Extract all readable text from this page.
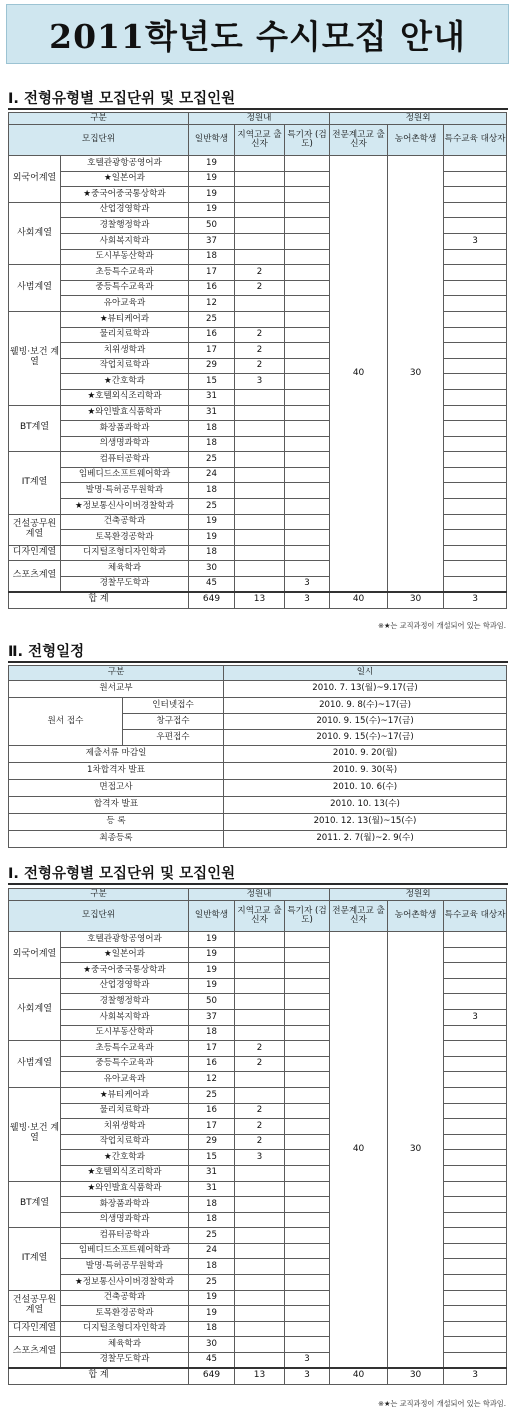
2011학년도 수시모집 안내
Ⅰ. 전형유형별 모집단위 및 모집인원
구분		정원내			정원외		
모집단위		일반학생	지역고교 출신자	특기자 (검도)	전문계고교 출신자	농어촌학생	특수교육 대상자
외국어계열	호텔관광항공영어과	19			40	30	
	★일본어과	19					
	★중국어중국통상학과	19					
사회계열	산업경영학과	19					
	경찰행정학과	50					
	사회복지학과	37					3
	도시부동산학과	18					
사범계열	초등특수교육과	17	2				
	중등특수교육과	16	2				
	유아교육과	12					
웰빙·보건 계열	★뷰티케어과	25					
	물리치료학과	16	2				
	치위생학과	17	2				
	작업치료학과	29	2				
	★간호학과	15	3				
	★호텔외식조리학과	31					
BT계열	★와인발효식품학과	31					
	화장품과학과	18					
	의생명과학과	18					
IT계열	컴퓨터공학과	25					
	임베디드소프트웨어학과	24					
	발명·특허공무원학과	18					
	★정보통신사이버경찰학과	25					
건설공무원 계열	건축공학과	19					
	토목환경공학과	19					
디자인계열	디지털조형디자인학과	18					
스포츠계열	체육학과	30					
	경찰무도학과	45		3			
합 계		649	13	3	40	30	3
※★는 교직과정이 개설되어 있는 학과임.
Ⅱ. 전형일정
구분		일시
원서교부		2010. 7. 13(월)~9.17(금)
원서 접수	인터넷접수	2010. 9. 8(수)~17(금)
	창구접수	2010. 9. 15(수)~17(금)
	우편접수	2010. 9. 15(수)~17(금)
제출서류 마감일		2010. 9. 20(월)
1차합격자 발표		2010. 9. 30(목)
면접고사		2010. 10. 6(수)
합격자 발표		2010. 10. 13(수)
등 록		2010. 12. 13(월)~15(수)
최종등록		2011. 2. 7(월)~2. 9(수)
Ⅰ. 전형유형별 모집단위 및 모집인원
구분		정원내			정원외		
모집단위		일반학생	지역고교 출신자	특기자 (검도)	전문계고교 출신자	농어촌학생	특수교육 대상자
외국어계열	호텔관광항공영어과	19			40	30	
	★일본어과	19					
	★중국어중국통상학과	19					
사회계열	산업경영학과	19					
	경찰행정학과	50					
	사회복지학과	37					3
	도시부동산학과	18					
사범계열	초등특수교육과	17	2				
	중등특수교육과	16	2				
	유아교육과	12					
웰빙·보건 계열	★뷰티케어과	25					
	물리치료학과	16	2				
	치위생학과	17	2				
	작업치료학과	29	2				
	★간호학과	15	3				
	★호텔외식조리학과	31					
BT계열	★와인발효식품학과	31					
	화장품과학과	18					
	의생명과학과	18					
IT계열	컴퓨터공학과	25					
	임베디드소프트웨어학과	24					
	발명·특허공무원학과	18					
	★정보통신사이버경찰학과	25					
건설공무원 계열	건축공학과	19					
	토목환경공학과	19					
디자인계열	디지털조형디자인학과	18					
스포츠계열	체육학과	30					
	경찰무도학과	45		3			
합 계		649	13	3	40	30	3
※★는 교직과정이 개설되어 있는 학과임.
